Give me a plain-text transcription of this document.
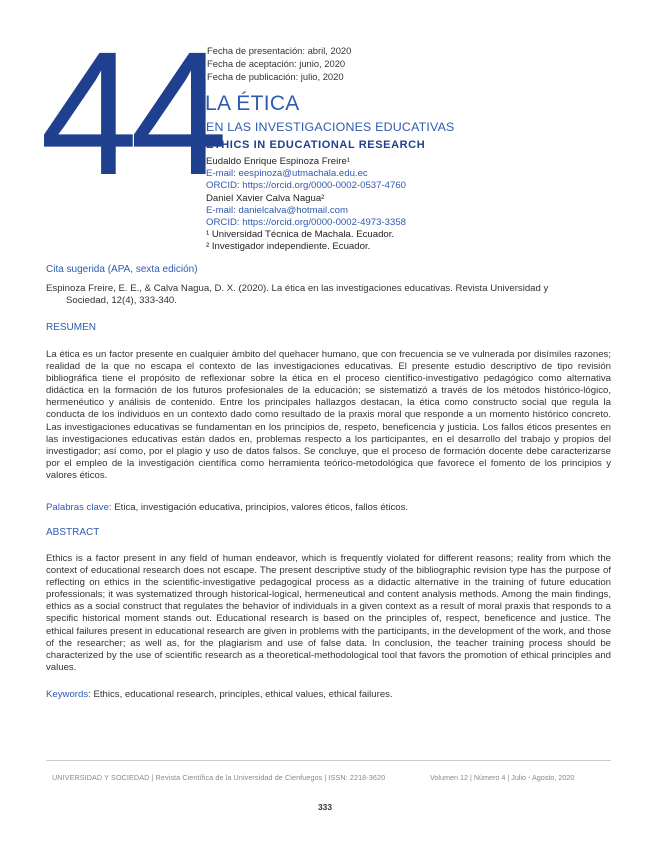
44
Fecha de presentación: abril, 2020
Fecha de aceptación: junio, 2020
Fecha de publicación: julio, 2020
LA ÉTICA
EN LAS INVESTIGACIONES EDUCATIVAS
ETHICS IN EDUCATIONAL RESEARCH
Eudaldo Enrique Espinoza Freire¹
E-mail: eespinoza@utmachala.edu.ec
ORCID: https://orcid.org/0000-0002-0537-4760
Daniel Xavier Calva Nagua²
E-mail: danielcalva@hotmail.com
ORCID: https://orcid.org/0000-0002-4973-3358
¹ Universidad Técnica de Machala. Ecuador.
² Investigador independiente. Ecuador.
Cita sugerida (APA, sexta edición)
Espinoza Freire, E. E., & Calva Nagua, D. X. (2020). La ética en las investigaciones educativas. Revista Universidad y
Sociedad, 12(4), 333-340.
RESUMEN
La ética es un factor presente en cualquier ámbito del quehacer humano, que con frecuencia se ve vulnerada por disímiles razones; realidad de la que no escapa el contexto de las investigaciones educativas. El presente estudio descriptivo de tipo revisión bibliográfica tiene el propósito de reflexionar sobre la ética en el proceso científico-investigativo pedagógico como alternativa didáctica en la formación de los futuros profesionales de la educación; se sistematizó a través de los métodos histórico-lógico, hermenéutico y análisis de contenido. Entre los principales hallazgos destacan, la ética como constructo social que regula la conducta de los individuos en un contexto dado como resultado de la praxis moral que responde a un momento histórico concreto. Las investigaciones educativas se fundamentan en los principios de, respeto, beneficencia y justicia. Los fallos éticos presentes en las investigaciones educativas están dados en, problemas respecto a los participantes, en el desarrollo del trabajo y propios del investigador; así como, por el plagio y uso de datos falsos. Se concluye, que el proceso de formación docente debe caracterizarse por el empleo de la investigación científica como herramienta teórico-metodológica que favorece el fomento de los principios y valores éticos.
Palabras clave: Etica, investigación educativa, principios, valores éticos, fallos éticos.
ABSTRACT
Ethics is a factor present in any field of human endeavor, which is frequently violated for different reasons; reality from which the context of educational research does not escape. The present descriptive study of the bibliographic revision type has the purpose of reflecting on ethics in the scientific-investigative pedagogical process as a didactic alternative in the training of future education professionals; it was systematized through historical-logical, hermeneutical and content analysis methods. Among the main findings, ethics as a social construct that regulates the behavior of individuals in a given context as a result of moral praxis that responds to a specific historical moment stands out. Educational research is based on the principles of, respect, beneficence and justice. The ethical failures present in educational research are given in problems with the participants, in the development of the work, and those of the researcher; as well as, for the plagiarism and use of false data. In conclusion, the teacher training process should be characterized by the use of scientific research as a theoretical-methodological tool that favors the promotion of ethical principles and values.
Keywords: Ethics, educational research, principles, ethical values, ethical failures.
UNIVERSIDAD Y SOCIEDAD | Revista Científica de la Universidad de Cienfuegos | ISSN: 2218-3620	Volumen 12 | Número 4 | Julio - Agosto, 2020
333
